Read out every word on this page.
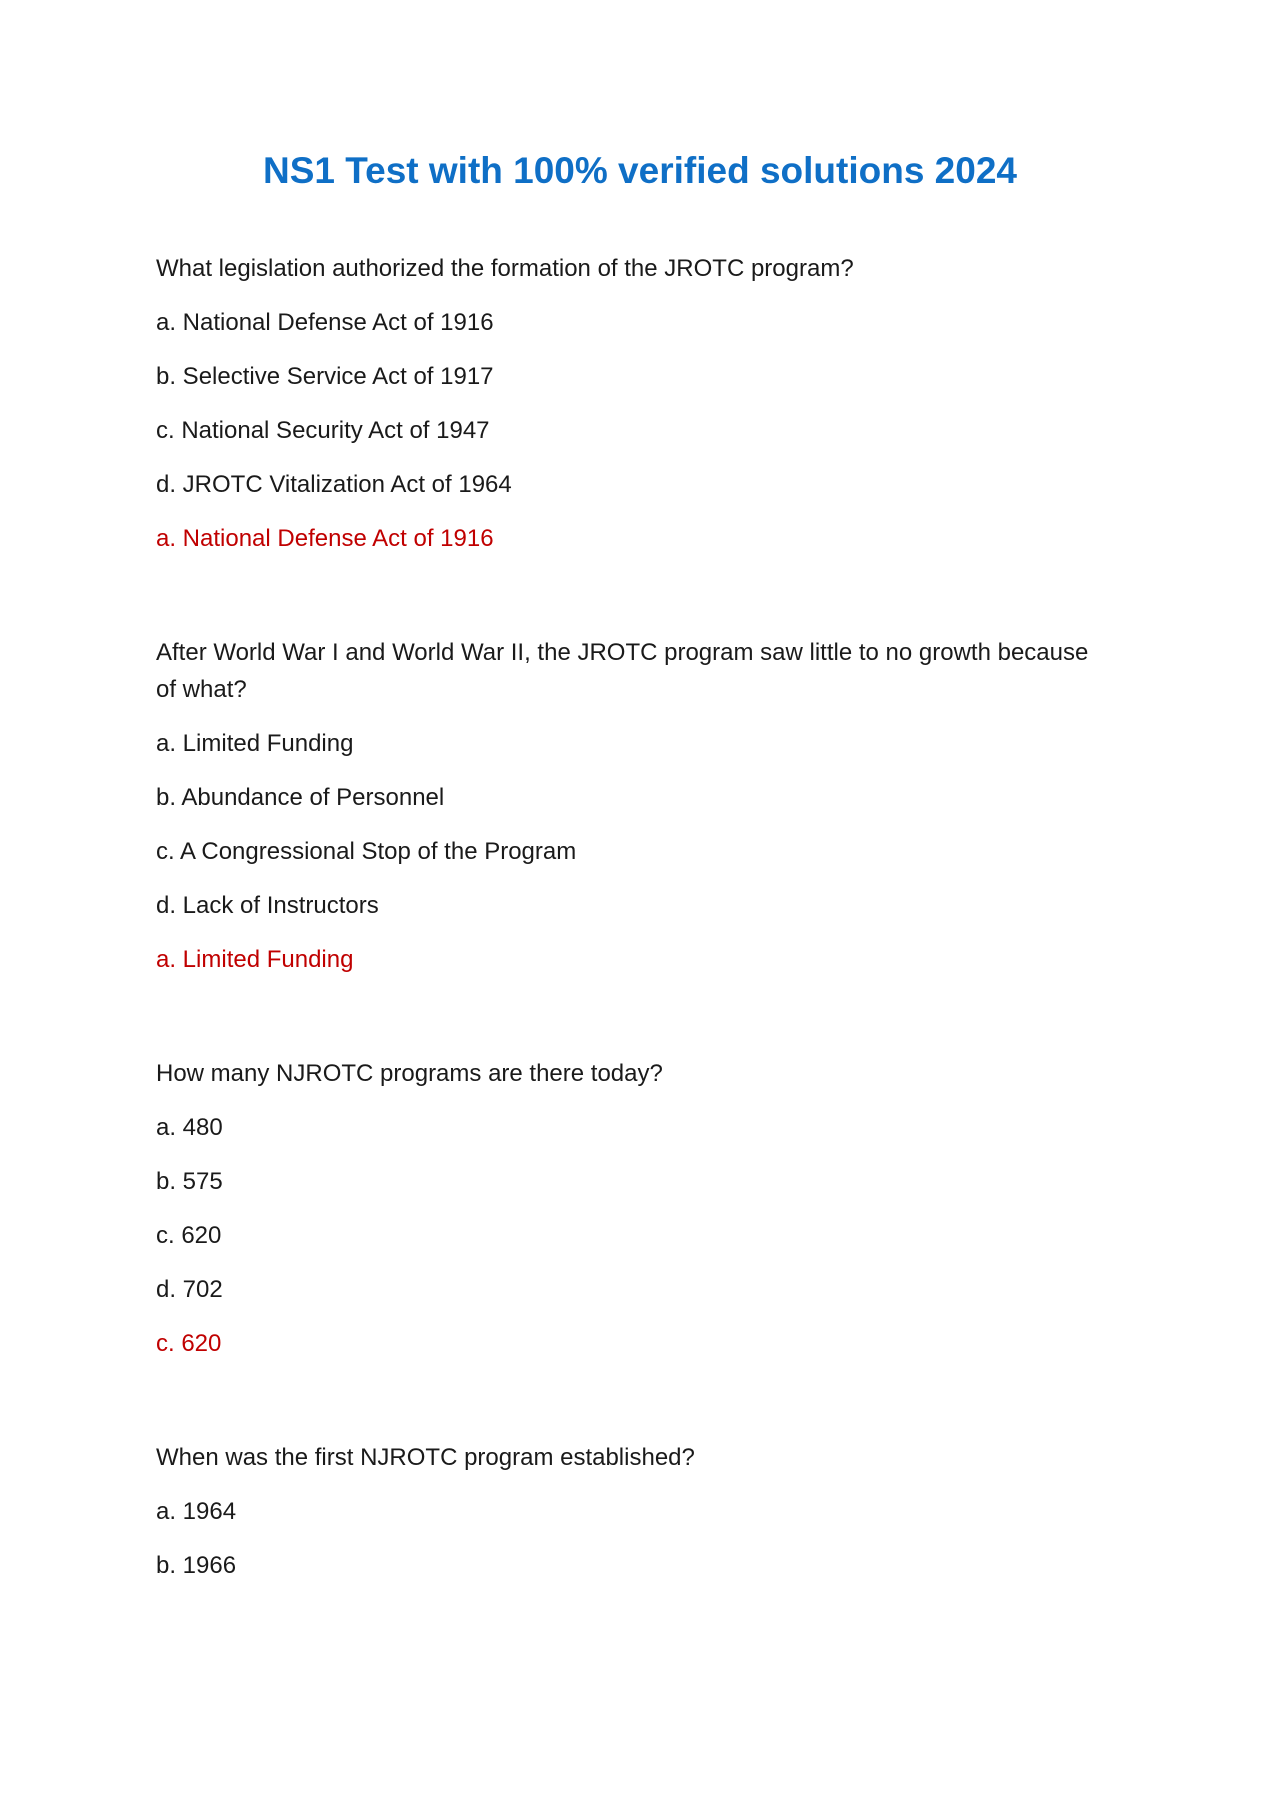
NS1 Test with 100% verified solutions 2024
What legislation authorized the formation of the JROTC program?
a. National Defense Act of 1916
b. Selective Service Act of 1917
c. National Security Act of 1947
d. JROTC Vitalization Act of 1964
a. National Defense Act of 1916
After World War I and World War II, the JROTC program saw little to no growth because of what?
a. Limited Funding
b. Abundance of Personnel
c. A Congressional Stop of the Program
d. Lack of Instructors
a. Limited Funding
How many NJROTC programs are there today?
a. 480
b. 575
c. 620
d. 702
c. 620
When was the first NJROTC program established?
a. 1964
b. 1966
